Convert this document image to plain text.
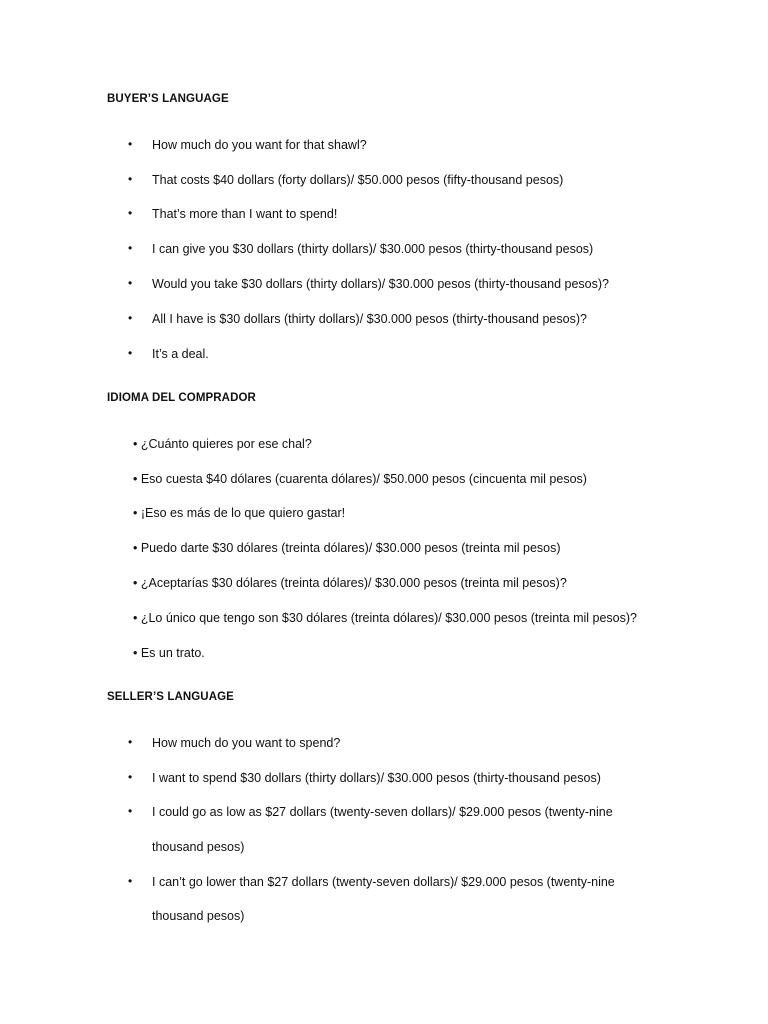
BUYER’S LANGUAGE
• How much do you want for that shawl?
• That costs $40 dollars (forty dollars)/ $50.000 pesos (fifty-thousand pesos)
• That’s more than I want to spend!
• I can give you $30 dollars (thirty dollars)/ $30.000 pesos (thirty-thousand pesos)
• Would you take $30 dollars (thirty dollars)/ $30.000 pesos (thirty-thousand pesos)?
• All I have is $30 dollars (thirty dollars)/ $30.000 pesos (thirty-thousand pesos)?
• It’s a deal.
IDIOMA DEL COMPRADOR
• ¿Cuánto quieres por ese chal?
• Eso cuesta $40 dólares (cuarenta dólares)/ $50.000 pesos (cincuenta mil pesos)
• ¡Eso es más de lo que quiero gastar!
• Puedo darte $30 dólares (treinta dólares)/ $30.000 pesos (treinta mil pesos)
• ¿Aceptarías $30 dólares (treinta dólares)/ $30.000 pesos (treinta mil pesos)?
• ¿Lo único que tengo son $30 dólares (treinta dólares)/ $30.000 pesos (treinta mil pesos)?
• Es un trato.
SELLER’S LANGUAGE
• How much do you want to spend?
• I want to spend $30 dollars (thirty dollars)/ $30.000 pesos (thirty-thousand pesos)
• I could go as low as $27 dollars (twenty-seven dollars)/ $29.000 pesos (twenty-nine
thousand pesos)
• I can’t go lower than $27 dollars (twenty-seven dollars)/ $29.000 pesos (twenty-nine
thousand pesos)
